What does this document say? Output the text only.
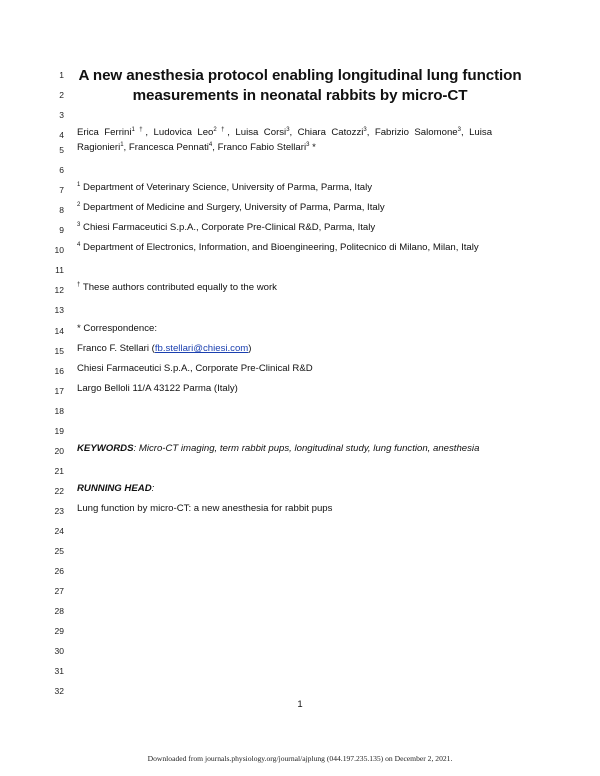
A new anesthesia protocol enabling longitudinal lung function
measurements in neonatal rabbits by micro-CT
1
2
3
4
5
6
7
8
9
10
11
12
13
14
15
16
17
18
19
20
21
22
23
24
25
26
27
28
29
30
31
32
Erica Ferrini$^{1 \dagger}$, Ludovica Leo$^{2 \dagger}$, Luisa Corsi$^3$, Chiara Catozzi$^3$, Fabrizio Salomone$^3$, Luisa
Ragionieri$^1$, Francesca Pennati$^4$, Franco Fabio Stellari$^3$ *
$^1$ Department of Veterinary Science, University of Parma, Parma, Italy
$^2$ Department of Medicine and Surgery, University of Parma, Parma, Italy
$^3$ Chiesi Farmaceutici S.p.A., Corporate Pre-Clinical R&D, Parma, Italy
$^4$ Department of Electronics, Information, and Bioengineering, Politecnico di Milano, Milan, Italy
† These authors contributed equally to the work
* Correspondence:
Franco F. Stellari (fb.stellari@chiesi.com)
Chiesi Farmaceutici S.p.A., Corporate Pre-Clinical R&D
Largo Belloli 11/A 43122 Parma (Italy)
KEYWORDS: Micro-CT imaging, term rabbit pups, longitudinal study, lung function, anesthesia
RUNNING HEAD:
Lung function by micro-CT: a new anesthesia for rabbit pups
1
Downloaded from journals.physiology.org/journal/ajplung (044.197.235.135) on December 2, 2021.
